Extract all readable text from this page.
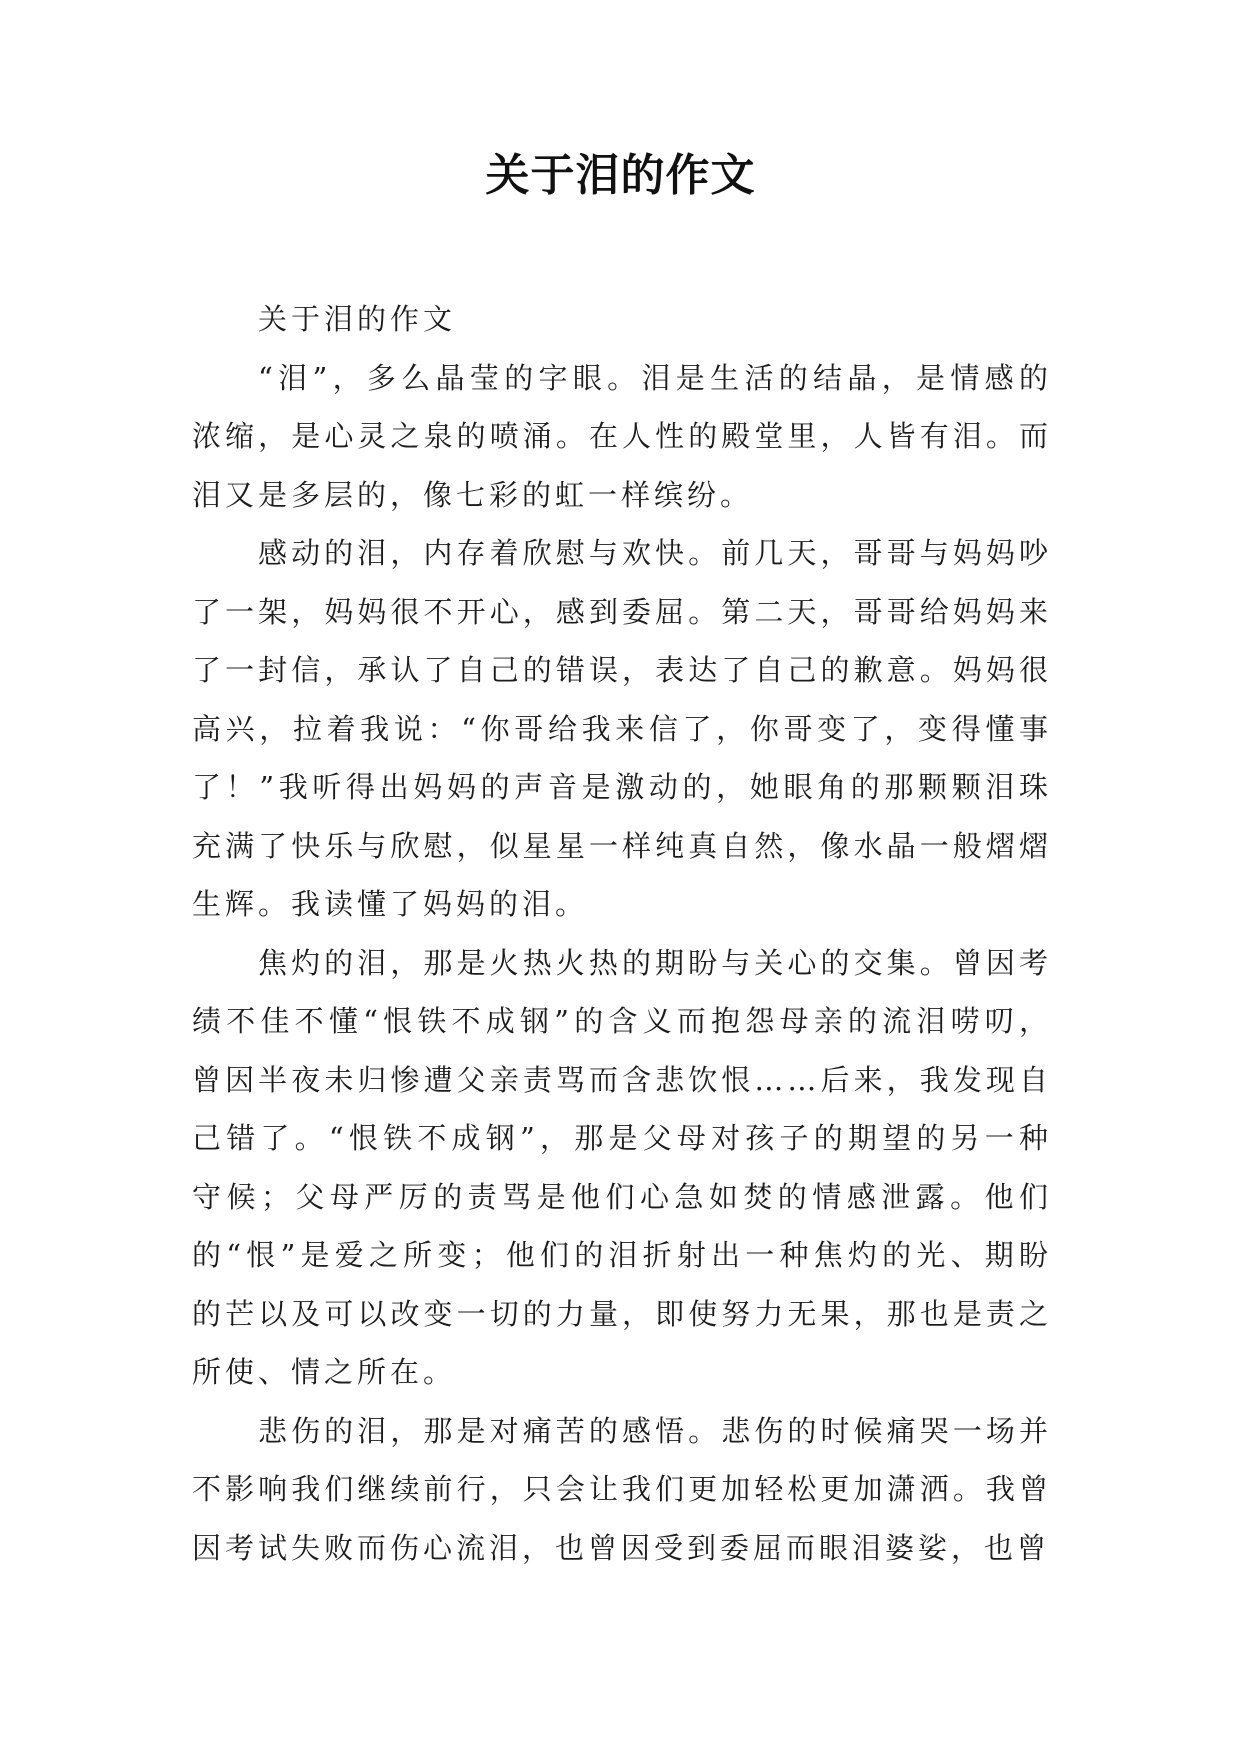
关于泪的作文

关于泪的作文

“泪”，多么晶莹的字眼。泪是生活的结晶，是情感的浓缩，是心灵之泉的喷涌。在人性的殿堂里，人皆有泪。而泪又是多层的，像七彩的虹一样缤纷。

感动的泪，内存着欣慰与欢快。前几天，哥哥与妈妈吵了一架，妈妈很不开心，感到委屈。第二天，哥哥给妈妈来了一封信，承认了自己的错误，表达了自己的歉意。妈妈很高兴，拉着我说：“你哥给我来信了，你哥变了，变得懂事了！”我听得出妈妈的声音是激动的，她眼角的那颗颗泪珠充满了快乐与欣慰，似星星一样纯真自然，像水晶一般熠熠生辉。我读懂了妈妈的泪。

焦灼的泪，那是火热火热的期盼与关心的交集。曾因考绩不佳不懂“恨铁不成钢”的含义而抱怨母亲的流泪唠叨，曾因半夜未归惨遭父亲责骂而含悲饮恨……后来，我发现自己错了。“恨铁不成钢”，那是父母对孩子的期望的另一种守候；父母严厉的责骂是他们心急如焚的情感泄露。他们的“恨”是爱之所变；他们的泪折射出一种焦灼的光、期盼的芒以及可以改变一切的力量，即使努力无果，那也是责之所使、情之所在。

悲伤的泪，那是对痛苦的感悟。悲伤的时候痛哭一场并不影响我们继续前行，只会让我们更加轻松更加潇洒。我曾因考试失败而伤心流泪，也曾因受到委屈而眼泪婆娑，也曾
